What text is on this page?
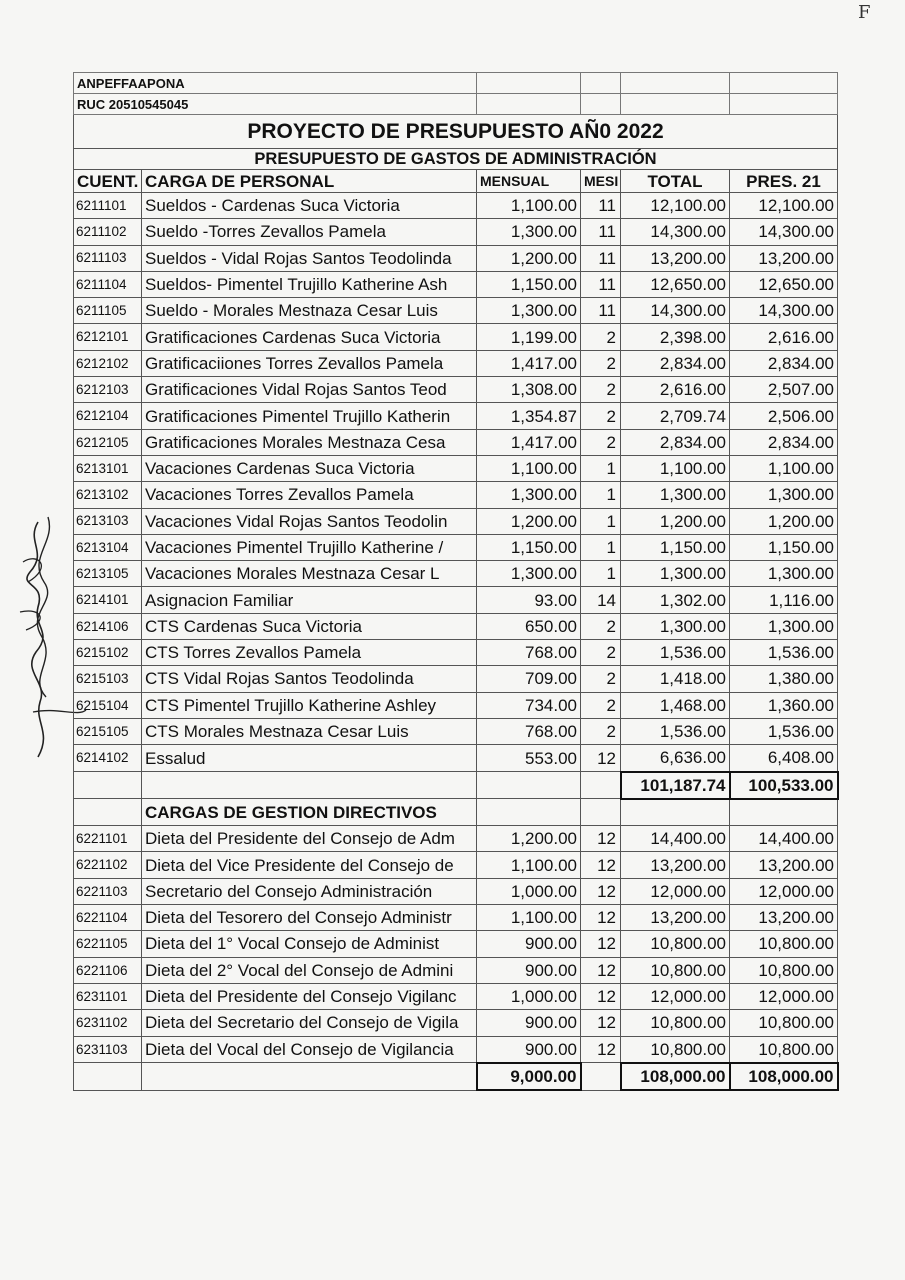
F
ANPEFFAAPONA					
RUC 20510545045					
PROYECTO DE PRESUPUESTO AÑ0 2022					
PRESUPUESTO DE GASTOS DE ADMINISTRACIÓN					
CUENT.	CARGA DE PERSONAL	MENSUAL	MESI	TOTAL	PRES. 21
6211101	Sueldos - Cardenas Suca Victoria	1,100.00	11	12,100.00	12,100.00
6211102	Sueldo -Torres Zevallos Pamela	1,300.00	11	14,300.00	14,300.00
6211103	Sueldos - Vidal Rojas Santos Teodolinda	1,200.00	11	13,200.00	13,200.00
6211104	Sueldos- Pimentel Trujillo Katherine Ash	1,150.00	11	12,650.00	12,650.00
6211105	Sueldo - Morales Mestnaza Cesar Luis	1,300.00	11	14,300.00	14,300.00
6212101	Gratificaciones Cardenas Suca Victoria	1,199.00	2	2,398.00	2,616.00
6212102	Gratificaciiones Torres Zevallos Pamela	1,417.00	2	2,834.00	2,834.00
6212103	Gratificaciones Vidal Rojas Santos Teod	1,308.00	2	2,616.00	2,507.00
6212104	Gratificaciones Pimentel Trujillo Katherin	1,354.87	2	2,709.74	2,506.00
6212105	Gratificaciones Morales Mestnaza Cesa	1,417.00	2	2,834.00	2,834.00
6213101	Vacaciones Cardenas Suca Victoria	1,100.00	1	1,100.00	1,100.00
6213102	Vacaciones Torres Zevallos Pamela	1,300.00	1	1,300.00	1,300.00
6213103	Vacaciones Vidal Rojas Santos Teodolin	1,200.00	1	1,200.00	1,200.00
6213104	Vacaciones Pimentel Trujillo Katherine /	1,150.00	1	1,150.00	1,150.00
6213105	Vacaciones Morales Mestnaza Cesar L	1,300.00	1	1,300.00	1,300.00
6214101	Asignacion Familiar	93.00	14	1,302.00	1,116.00
6214106	CTS Cardenas Suca Victoria	650.00	2	1,300.00	1,300.00
6215102	CTS Torres Zevallos Pamela	768.00	2	1,536.00	1,536.00
6215103	CTS Vidal Rojas Santos Teodolinda	709.00	2	1,418.00	1,380.00
6215104	CTS Pimentel Trujillo Katherine Ashley	734.00	2	1,468.00	1,360.00
6215105	CTS Morales Mestnaza Cesar Luis	768.00	2	1,536.00	1,536.00
6214102	Essalud	553.00	12	6,636.00	6,408.00
				101,187.74	100,533.00
	CARGAS DE GESTION DIRECTIVOS				
6221101	Dieta del Presidente del Consejo de Adm	1,200.00	12	14,400.00	14,400.00
6221102	Dieta del Vice Presidente del Consejo de	1,100.00	12	13,200.00	13,200.00
6221103	Secretario del Consejo Administración	1,000.00	12	12,000.00	12,000.00
6221104	Dieta del Tesorero del Consejo Administr	1,100.00	12	13,200.00	13,200.00
6221105	Dieta del 1° Vocal Consejo de Administ	900.00	12	10,800.00	10,800.00
6221106	Dieta del 2° Vocal del Consejo de Admini	900.00	12	10,800.00	10,800.00
6231101	Dieta del Presidente del Consejo Vigilanc	1,000.00	12	12,000.00	12,000.00
6231102	Dieta del Secretario del Consejo de Vigila	900.00	12	10,800.00	10,800.00
6231103	Dieta del Vocal del Consejo de Vigilancia	900.00	12	10,800.00	10,800.00
		9,000.00		108,000.00	108,000.00
